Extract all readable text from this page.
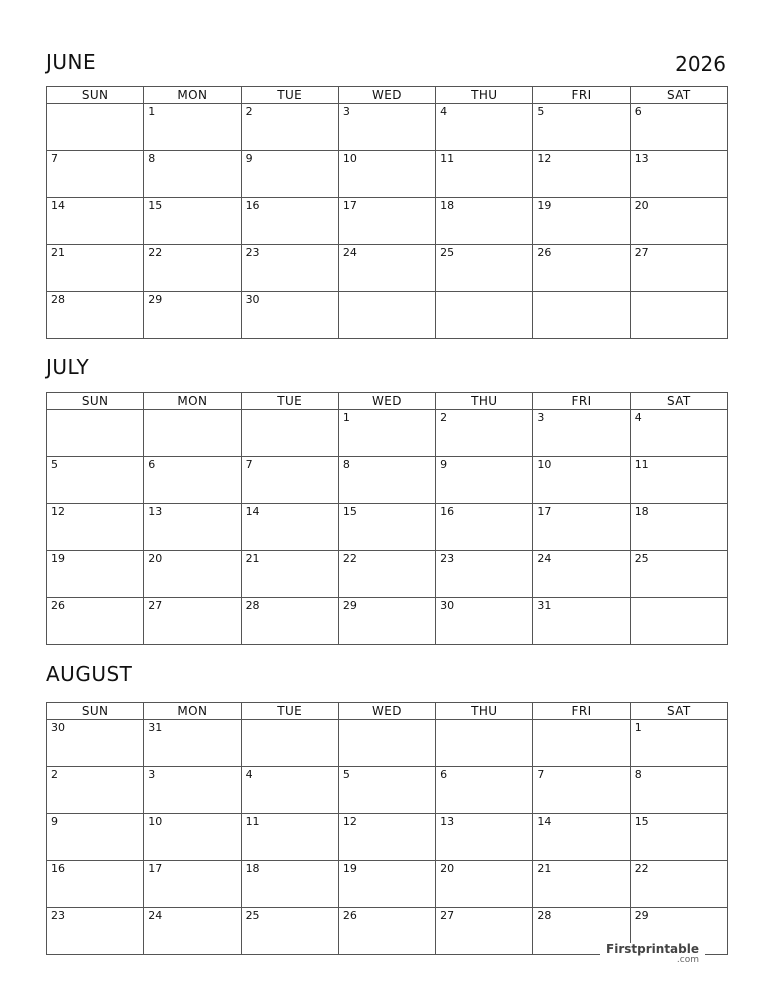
JUNE	2026
SUN	MON	TUE	WED	THU	FRI	SAT

	1	2	3	4	5	6

7	8	9	10	11	12	13

14	15	16	17	18	19	20

21	22	23	24	25	26	27

28	29	30				

JULY
SUN	MON	TUE	WED	THU	FRI	SAT

			1	2	3	4

5	6	7	8	9	10	11

12	13	14	15	16	17	18

19	20	21	22	23	24	25

26	27	28	29	30	31	

AUGUST
SUN	MON	TUE	WED	THU	FRI	SAT

30	31					1

2	3	4	5	6	7	8

9	10	11	12	13	14	15

16	17	18	19	20	21	22

23	24	25	26	27	28	29
Firstprintable
.com
